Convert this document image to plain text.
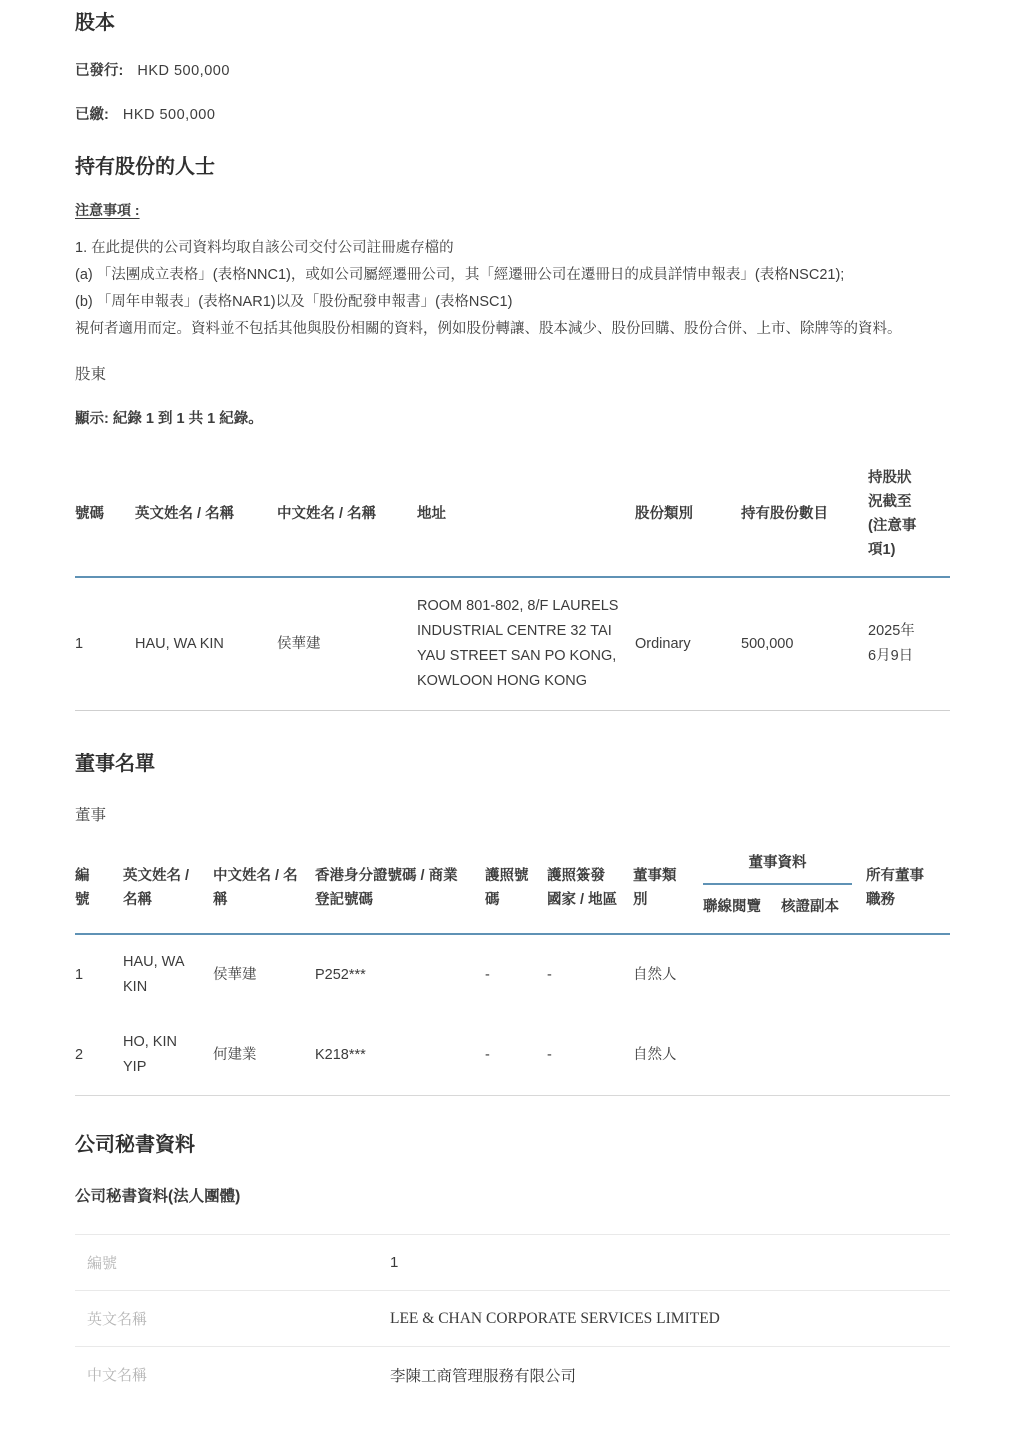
股本
已發行: HKD 500,000
已繳: HKD 500,000
持有股份的人士
注意事項 :
1. 在此提供的公司資料均取自該公司交付公司註冊處存檔的
(a) 「法團成立表格」(表格NNC1)，或如公司屬經遷冊公司，其「經遷冊公司在遷冊日的成員詳情申報表」(表格NSC21);
(b) 「周年申報表」(表格NAR1)以及「股份配發申報書」(表格NSC1)
視何者適用而定。資料並不包括其他與股份相關的資料，例如股份轉讓、股本減少、股份回購、股份合併、上市、除牌等的資料。
股東
顯示: 紀錄 1 到 1 共 1 紀錄。
號碼	英文姓名 / 名稱	中文姓名 / 名稱	地址	股份類別	持有股份數目	持股狀況截至 (注意事項1)
1	HAU, WA KIN	侯華建	ROOM 801-802, 8/F LAURELS INDUSTRIAL CENTRE 32 TAI YAU STREET SAN PO KONG, KOWLOON HONG KONG	Ordinary	500,000	2025年 6月9日
董事名單
董事
編號	英文姓名 / 名稱	中文姓名 / 名稱	香港身分證號碼 / 商業登記號碼	護照號碼	護照簽發國家 / 地區	董事類別	董事資料		所有董事職務
							聯線閱覽	核證副本	
1	HAU, WA KIN	侯華建	P252***	-	-	自然人			
2	HO, KIN YIP	何建業	K218***	-	-	自然人			
公司秘書資料
公司秘書資料(法人團體)
編號	1
英文名稱	LEE & CHAN CORPORATE SERVICES LIMITED
中文名稱	李陳工商管理服務有限公司
